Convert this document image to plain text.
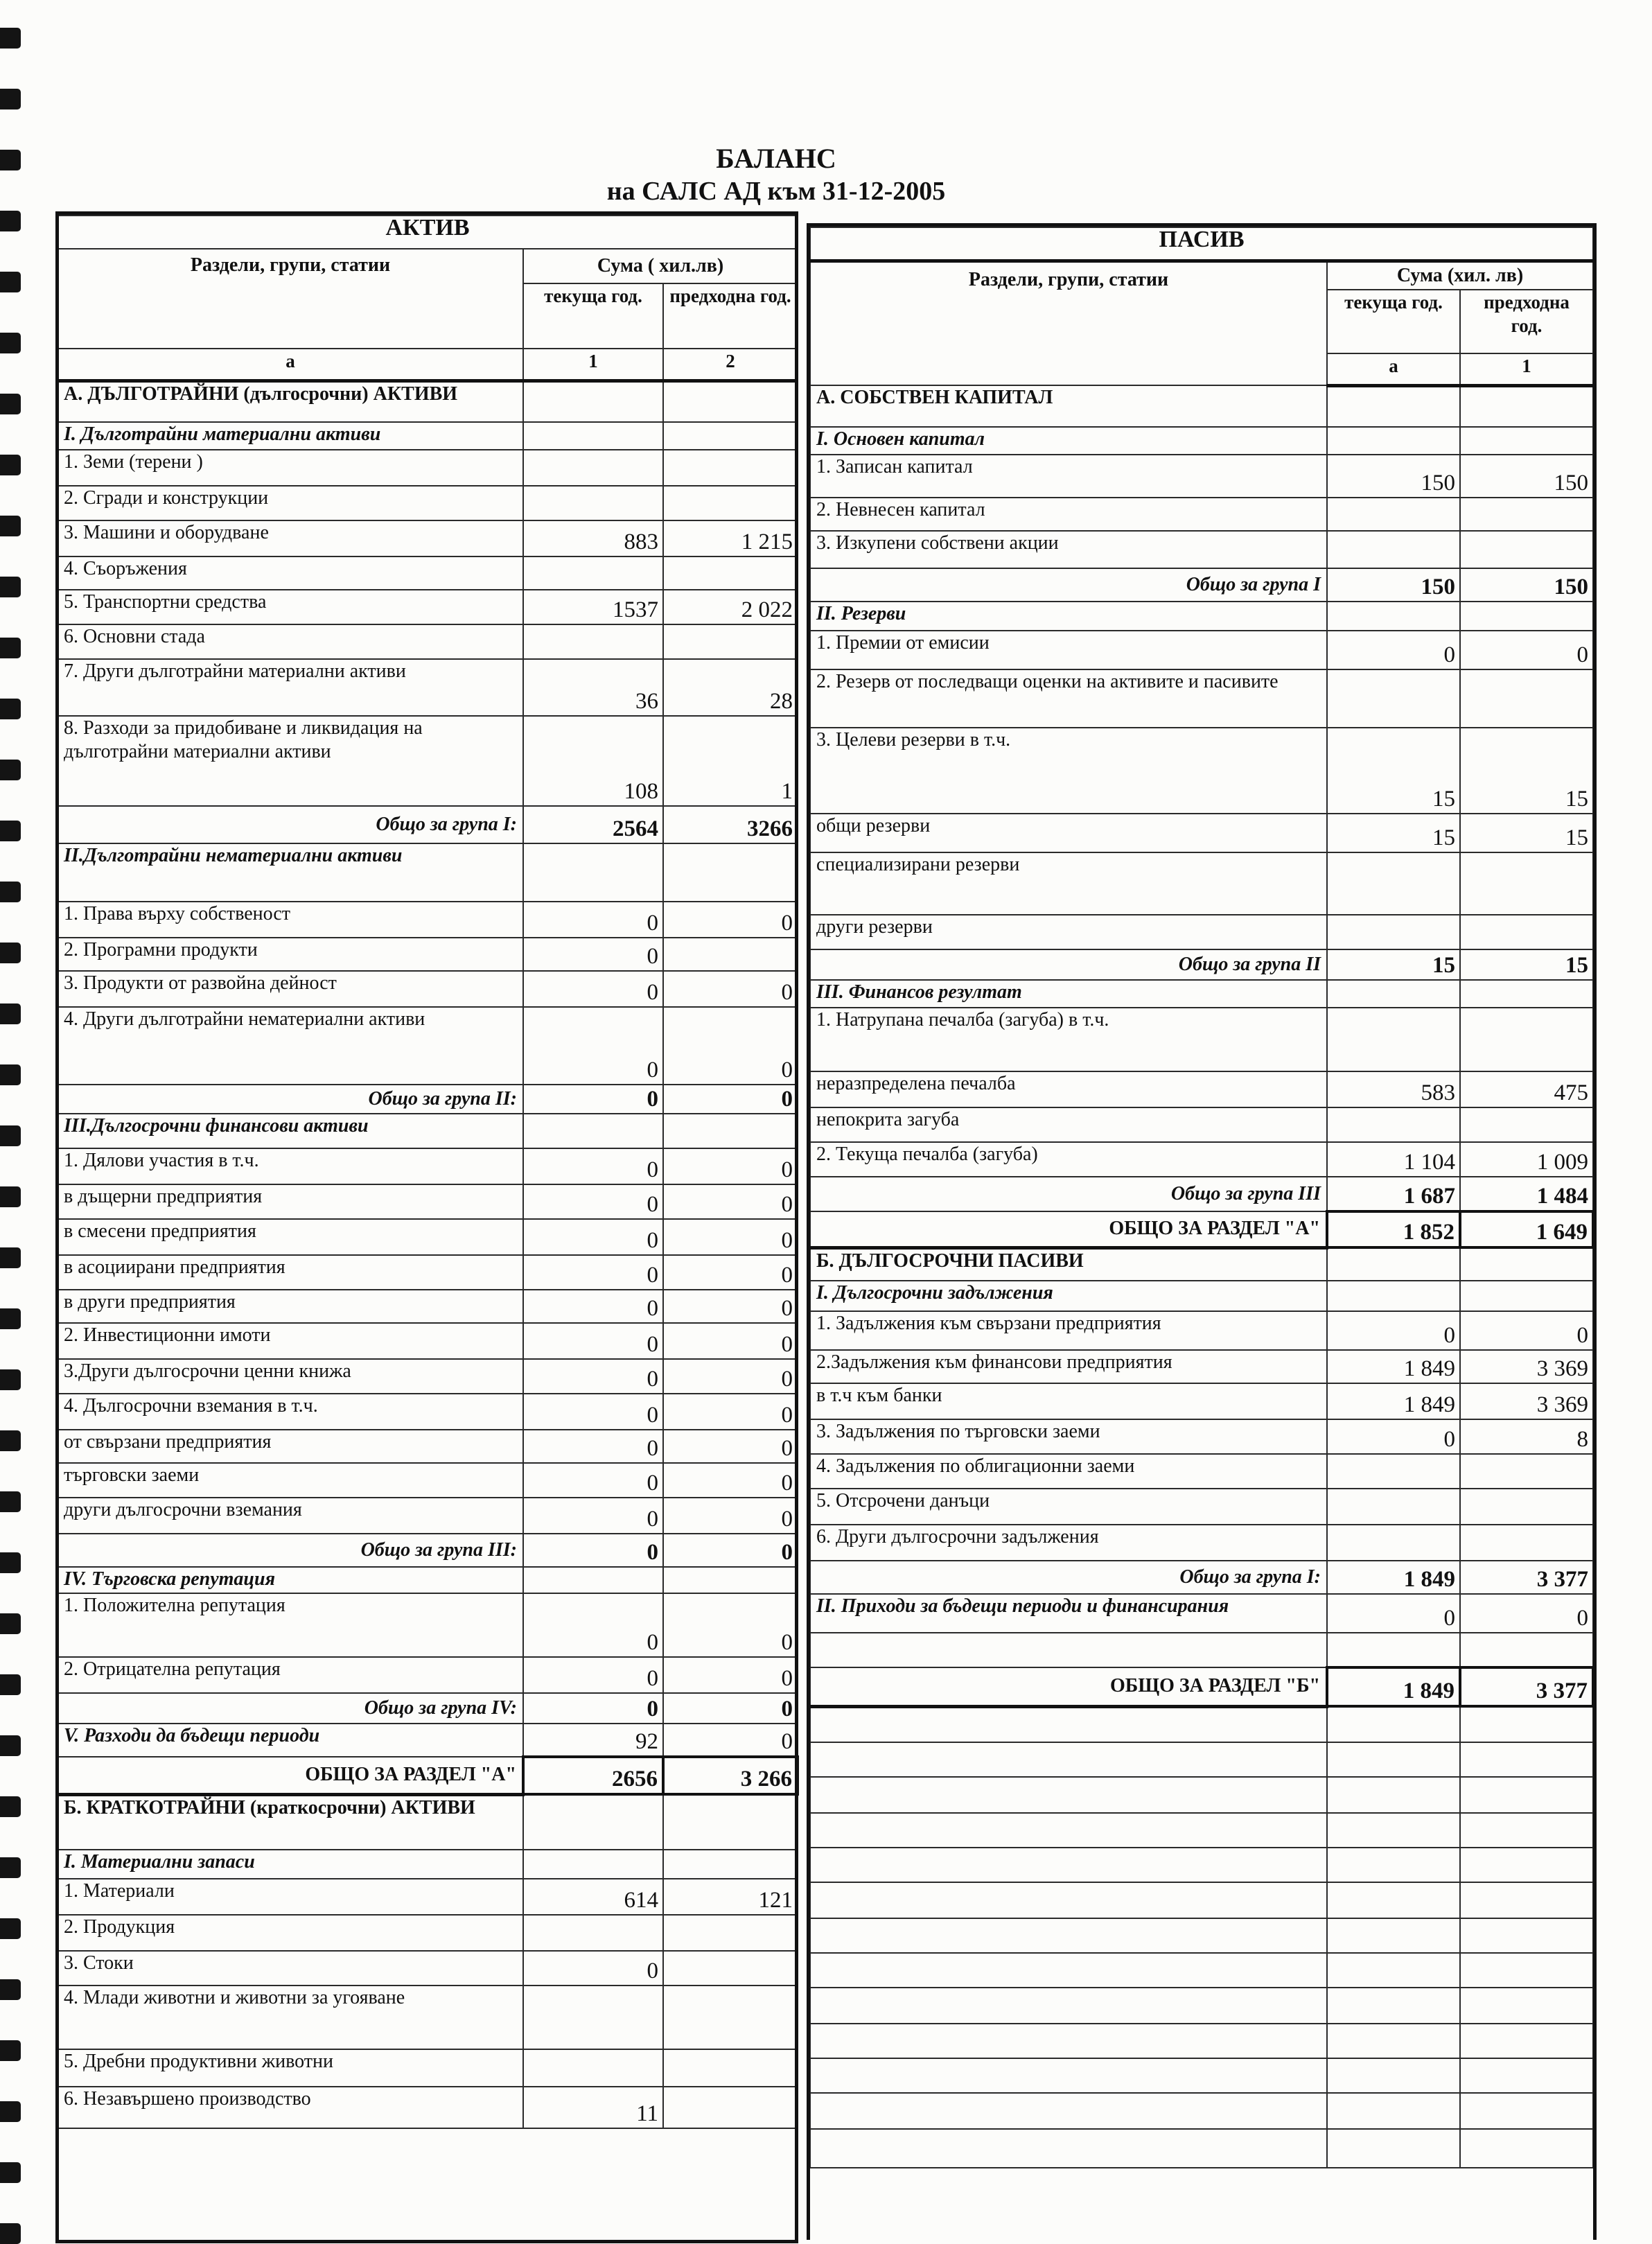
БАЛАНС
на САЛС АД към 31-12-2005
АКТИВ		
Раздели, групи, статии	Сума ( хил.лв)	
	текуща год.	предходна год.
а	1	2
А. ДЪЛГОТРАЙНИ (дългосрочни) АКТИВИ		
I. Дълготрайни материални активи		
1. Земи (терени )		
2. Сгради и конструкции		
3. Машини и оборудване	883	1 215
4. Съоръжения		
5. Транспортни средства	1537	2 022
6. Основни стада		
7. Други дълготрайни материални активи	36	28
8. Разходи за придобиване и ликвидация на дълготрайни материални активи	108	1
Общо за група I:	2564	3266
II.Дълготрайни нематериални активи		
1. Права върху собственост	0	0
2. Програмни продукти	0	
3. Продукти от развойна дейност	0	0
4. Други дълготрайни нематериални активи	0	0
Общо за група II:	0	0
III.Дългосрочни финансови активи		
1. Дялови участия в т.ч.	0	0
в дъщерни предприятия	0	0
в смесени предприятия	0	0
в асоциирани предприятия	0	0
в други предприятия	0	0
2. Инвестиционни имоти	0	0
3.Други дългосрочни ценни книжа	0	0
4. Дългосрочни вземания в т.ч.	0	0
от свързани предприятия	0	0
търговски заеми	0	0
други дългосрочни вземания	0	0
Общо за група III:	0	0
IV. Търговска репутация		
1. Положителна репутация	0	0
2. Отрицателна репутация	0	0
Общо за група IV:	0	0
V. Разходи да бъдещи периоди	92	0
ОБЩО ЗА РАЗДЕЛ "А"	2656	3 266
Б. КРАТКОТРАЙНИ (краткосрочни) АКТИВИ		
I. Материални запаси		
1. Материали	614	121
2. Продукция		
3. Стоки	0	
4. Млади животни и животни за угояване		
5. Дребни продуктивни животни		
6. Незавършено производство	11	
ПАСИВ			
Раздели, групи, статии	Сума (хил. лв)		
	текуща год.	предходна год.	
	а	1	
А. СОБСТВЕН КАПИТАЛ			
I. Основен капитал			
1. Записан капитал	150	150	
2. Невнесен капитал			
3. Изкупени собствени акции			
Общо за група I	150	150	
II. Резерви			
1. Премии от емисии	0	0	
2. Резерв от последващи оценки на активите и пасивите			
3. Целеви резерви в т.ч.	15	15	
общи резерви	15	15	
специализирани резерви			
други резерви			
Общо за група II	15	15	
III. Финансов резултат			
1. Натрупана печалба (загуба) в т.ч.			
неразпределена печалба	583	475	
непокрита загуба			
2. Текуща печалба (загуба)	1 104	1 009	
Общо за група III	1 687	1 484	
ОБЩО ЗА РАЗДЕЛ "А"	1 852	1 649	
Б. ДЪЛГОСРОЧНИ ПАСИВИ			
I. Дългосрочни задължения			
1. Задължения към свързани предприятия	0	0	
2.Задължения към финансови предприятия	1 849	3 369	
в т.ч към банки	1 849	3 369	
3. Задължения по търговски заеми	0	8	
4. Задължения по облигационни заеми			
5. Отсрочени данъци			
6. Други дългосрочни задължения			
Общо за група I:	1 849	3 377	
II. Приходи за бъдещи периоди и финансирания	0	0	

ОБЩО ЗА РАЗДЕЛ "Б"	1 849	3 377	
